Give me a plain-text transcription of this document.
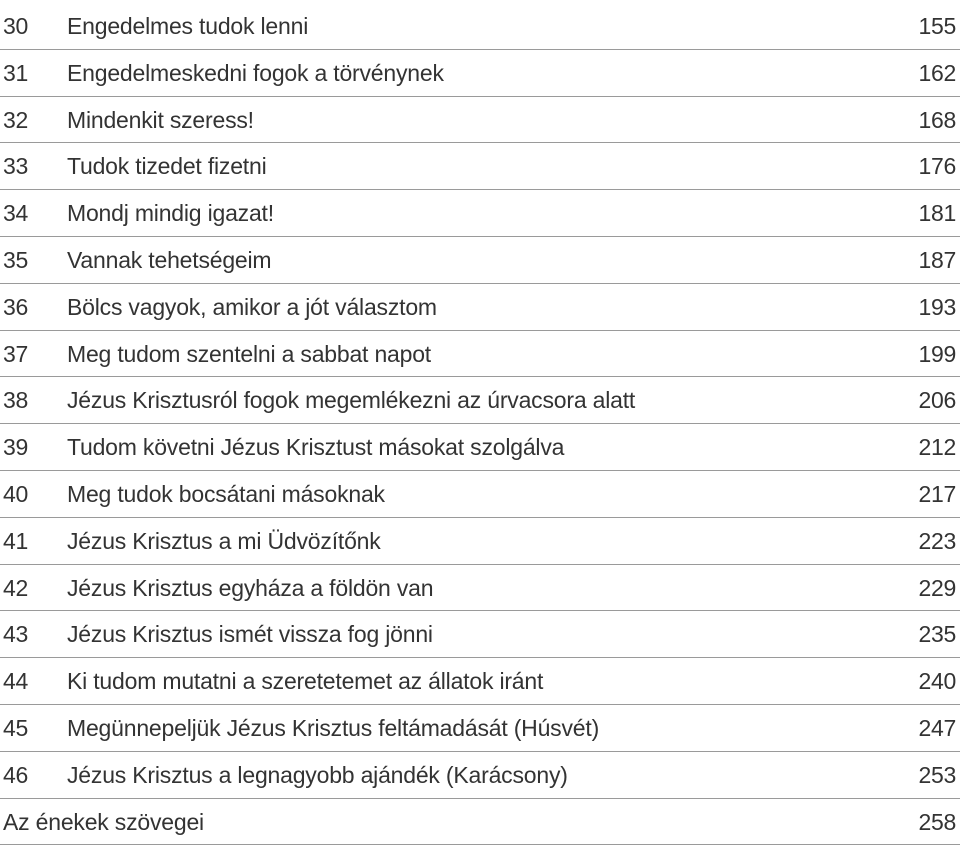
30 Engedelmes tudok lenni	155
31 Engedelmeskedni fogok a törvénynek	162
32 Mindenkit szeress!	168
33 Tudok tizedet fizetni	176
34 Mondj mindig igazat!	181
35 Vannak tehetségeim	187
36 Bölcs vagyok, amikor a jót választom	193
37 Meg tudom szentelni a sabbat napot	199
38 Jézus Krisztusról fogok megemlékezni az úrvacsora alatt	206
39 Tudom követni Jézus Krisztust másokat szolgálva	212
40 Meg tudok bocsátani másoknak	217
41 Jézus Krisztus a mi Üdvözítőnk	223
42 Jézus Krisztus egyháza a földön van	229
43 Jézus Krisztus ismét vissza fog jönni	235
44 Ki tudom mutatni a szeretetemet az állatok iránt	240
45 Megünnepeljük Jézus Krisztus feltámadását (Húsvét)	247
46 Jézus Krisztus a legnagyobb ajándék (Karácsony)	253
Az énekek szövegei	258
